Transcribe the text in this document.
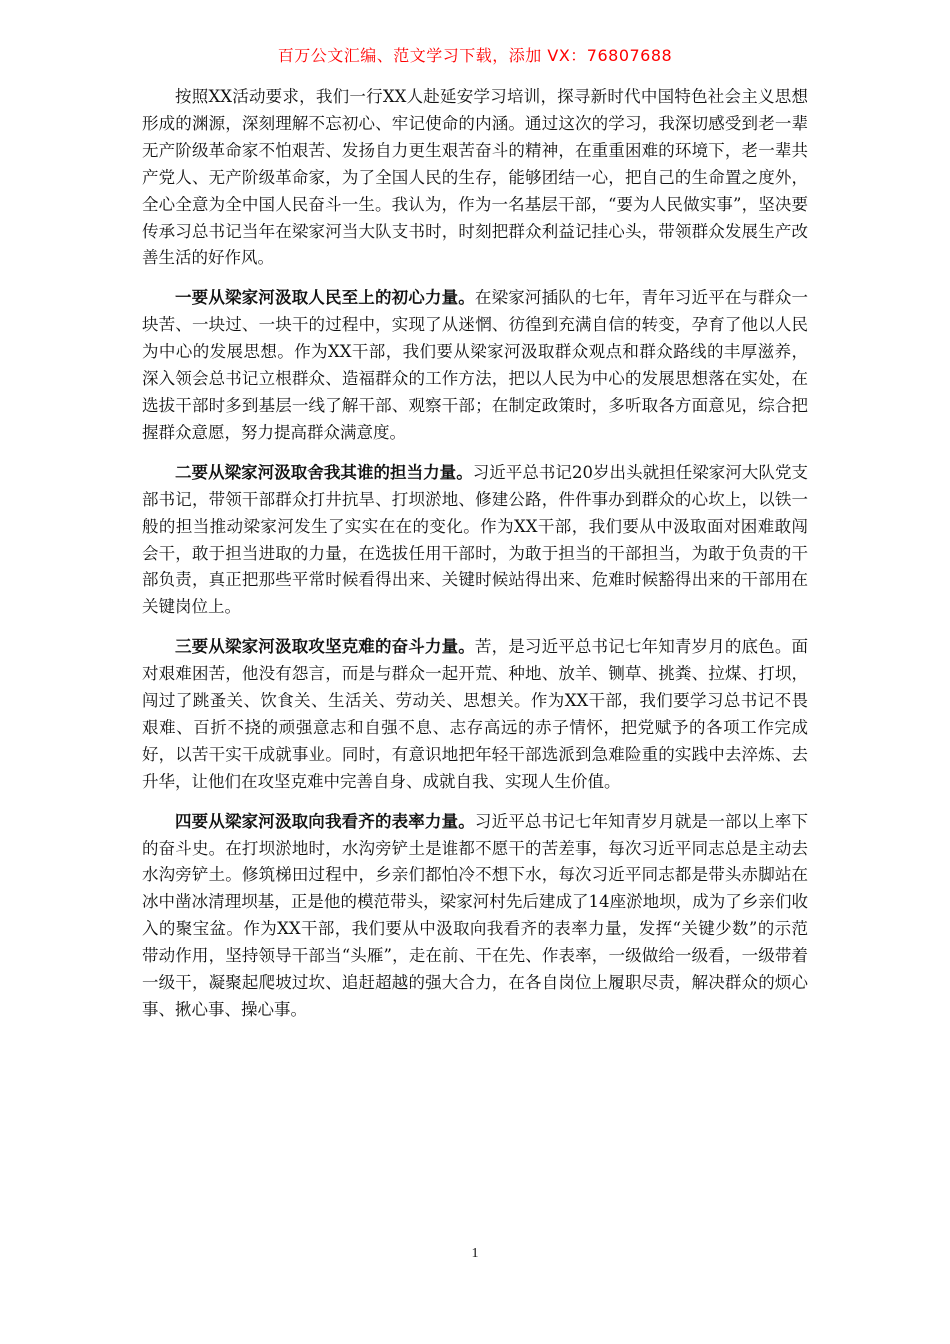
百万公文汇编、范文学习下载，添加 VX：76807688

按照XX活动要求，我们一行XX人赴延安学习培训，探寻新时代中国特色社会主义思想形成的渊源，深刻理解不忘初心、牢记使命的内涵。通过这次的学习，我深切感受到老一辈无产阶级革命家不怕艰苦、发扬自力更生艰苦奋斗的精神，在重重困难的环境下，老一辈共产党人、无产阶级革命家，为了全国人民的生存，能够团结一心，把自己的生命置之度外，全心全意为全中国人民奋斗一生。我认为，作为一名基层干部，“要为人民做实事”，坚决要传承习总书记当年在梁家河当大队支书时，时刻把群众利益记挂心头，带领群众发展生产改善生活的好作风。

一要从梁家河汲取人民至上的初心力量。在梁家河插队的七年，青年习近平在与群众一块苦、一块过、一块干的过程中，实现了从迷惘、彷徨到充满自信的转变，孕育了他以人民为中心的发展思想。作为XX干部，我们要从梁家河汲取群众观点和群众路线的丰厚滋养，深入领会总书记立根群众、造福群众的工作方法，把以人民为中心的发展思想落在实处，在选拔干部时多到基层一线了解干部、观察干部；在制定政策时，多听取各方面意见，综合把握群众意愿，努力提高群众满意度。

二要从梁家河汲取舍我其谁的担当力量。习近平总书记20岁出头就担任梁家河大队党支部书记，带领干部群众打井抗旱、打坝淤地、修建公路，件件事办到群众的心坎上，以铁一般的担当推动梁家河发生了实实在在的变化。作为XX干部，我们要从中汲取面对困难敢闯会干，敢于担当进取的力量，在选拔任用干部时，为敢于担当的干部担当，为敢于负责的干部负责，真正把那些平常时候看得出来、关键时候站得出来、危难时候豁得出来的干部用在关键岗位上。

三要从梁家河汲取攻坚克难的奋斗力量。苦，是习近平总书记七年知青岁月的底色。面对艰难困苦，他没有怨言，而是与群众一起开荒、种地、放羊、铡草、挑粪、拉煤、打坝，闯过了跳蚤关、饮食关、生活关、劳动关、思想关。作为XX干部，我们要学习总书记不畏艰难、百折不挠的顽强意志和自强不息、志存高远的赤子情怀，把党赋予的各项工作完成好，以苦干实干成就事业。同时，有意识地把年轻干部选派到急难险重的实践中去淬炼、去升华，让他们在攻坚克难中完善自身、成就自我、实现人生价值。

四要从梁家河汲取向我看齐的表率力量。习近平总书记七年知青岁月就是一部以上率下的奋斗史。在打坝淤地时，水沟旁铲土是谁都不愿干的苦差事，每次习近平同志总是主动去水沟旁铲土。修筑梯田过程中，乡亲们都怕冷不想下水，每次习近平同志都是带头赤脚站在冰中凿冰清理坝基，正是他的模范带头，梁家河村先后建成了14座淤地坝，成为了乡亲们收入的聚宝盆。作为XX干部，我们要从中汲取向我看齐的表率力量，发挥“关键少数”的示范带动作用，坚持领导干部当“头雁”，走在前、干在先、作表率，一级做给一级看，一级带着一级干，凝聚起爬坡过坎、追赶超越的强大合力，在各自岗位上履职尽责，解决群众的烦心事、揪心事、操心事。

1
